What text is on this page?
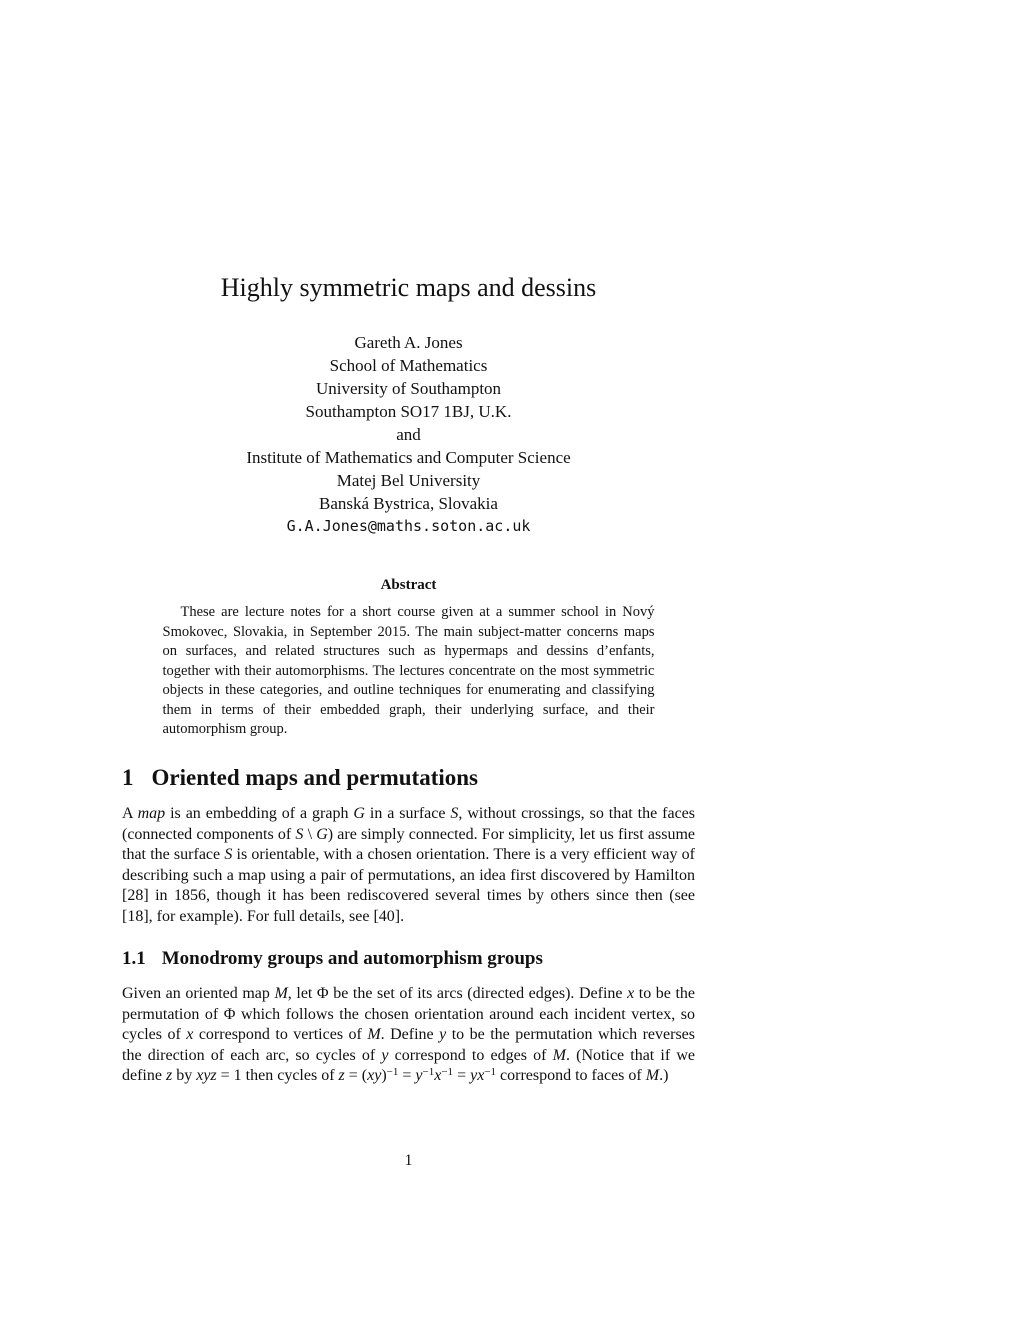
Highly symmetric maps and dessins
Gareth A. Jones
School of Mathematics
University of Southampton
Southampton SO17 1BJ, U.K.
and
Institute of Mathematics and Computer Science
Matej Bel University
Banská Bystrica, Slovakia
G.A.Jones@maths.soton.ac.uk
Abstract

These are lecture notes for a short course given at a summer school in Nový Smokovec, Slovakia, in September 2015. The main subject-matter concerns maps on surfaces, and related structures such as hypermaps and dessins d’enfants, together with their automorphisms. The lectures concentrate on the most symmetric objects in these categories, and outline techniques for enumerating and classifying them in terms of their embedded graph, their underlying surface, and their automorphism group.

1 Oriented maps and permutations

A map is an embedding of a graph G in a surface S, without crossings, so that the faces (connected components of S \ G) are simply connected. For simplicity, let us first assume that the surface S is orientable, with a chosen orientation. There is a very efficient way of describing such a map using a pair of permutations, an idea first discovered by Hamilton [28] in 1856, though it has been rediscovered several times by others since then (see [18], for example). For full details, see [40].

1.1 Monodromy groups and automorphism groups

Given an oriented map M, let Φ be the set of its arcs (directed edges). Define x to be the permutation of Φ which follows the chosen orientation around each incident vertex, so cycles of x correspond to vertices of M. Define y to be the permutation which reverses the direction of each arc, so cycles of y correspond to edges of M. (Notice that if we define z by xyz = 1 then cycles of $z = (xy)^{-1} = y^{-1}x^{-1} = yx^{-1}$ correspond to faces of M.)

1
